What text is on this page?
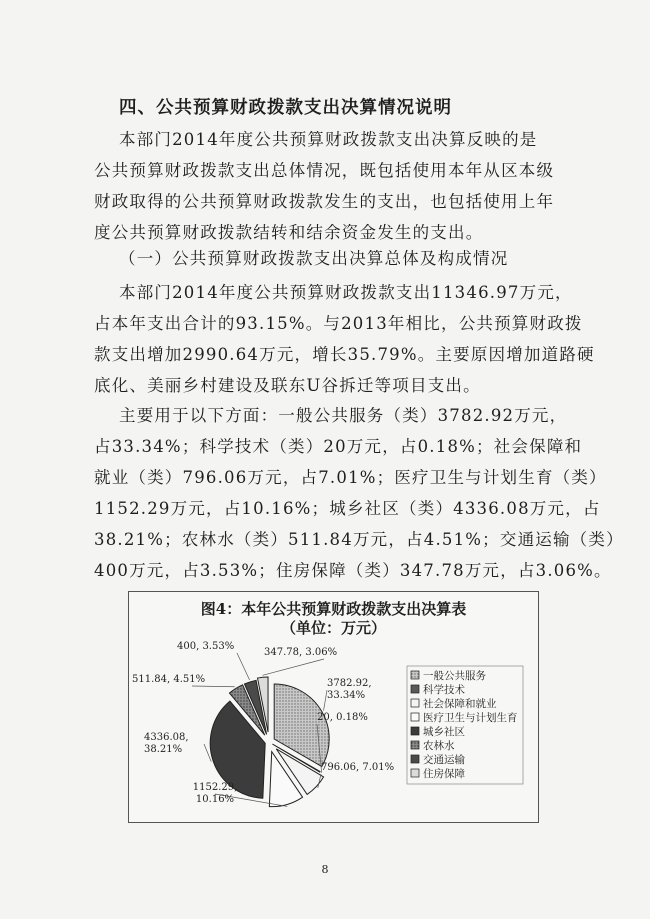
四、公共预算财政拨款支出决算情况说明
本部门2014年度公共预算财政拨款支出决算反映的是
公共预算财政拨款支出总体情况，既包括使用本年从区本级
财政取得的公共预算财政拨款发生的支出，也包括使用上年
度公共预算财政拨款结转和结余资金发生的支出。
（一）公共预算财政拨款支出决算总体及构成情况
本部门2014年度公共预算财政拨款支出11346.97万元，
占本年支出合计的93.15%。与2013年相比，公共预算财政拨
款支出增加2990.64万元，增长35.79%。主要原因增加道路硬
底化、美丽乡村建设及联东U谷拆迁等项目支出。
主要用于以下方面：一般公共服务（类）3782.92万元，
占33.34%；科学技术（类）20万元，占0.18%；社会保障和
就业（类）796.06万元，占7.01%；医疗卫生与计划生育（类）
1152.29万元，占10.16%；城乡社区（类）4336.08万元，占
38.21%；农林水（类）511.84万元，占4.51%；交通运输（类）
400万元，占3.53%；住房保障（类）347.78万元，占3.06%。
图4：本年公共预算财政拨款支出决算表
（单位：万元）
3782.92,
33.34%
20, 0.18%
796.06, 7.01%
1152.29,
10.16%
4336.08,
38.21%
511.84, 4.51%
400, 3.53%
347.78, 3.06%
一般公共服务
科学技术
社会保障和就业
医疗卫生与计划生育
城乡社区
农林水
交通运输
住房保障
8
